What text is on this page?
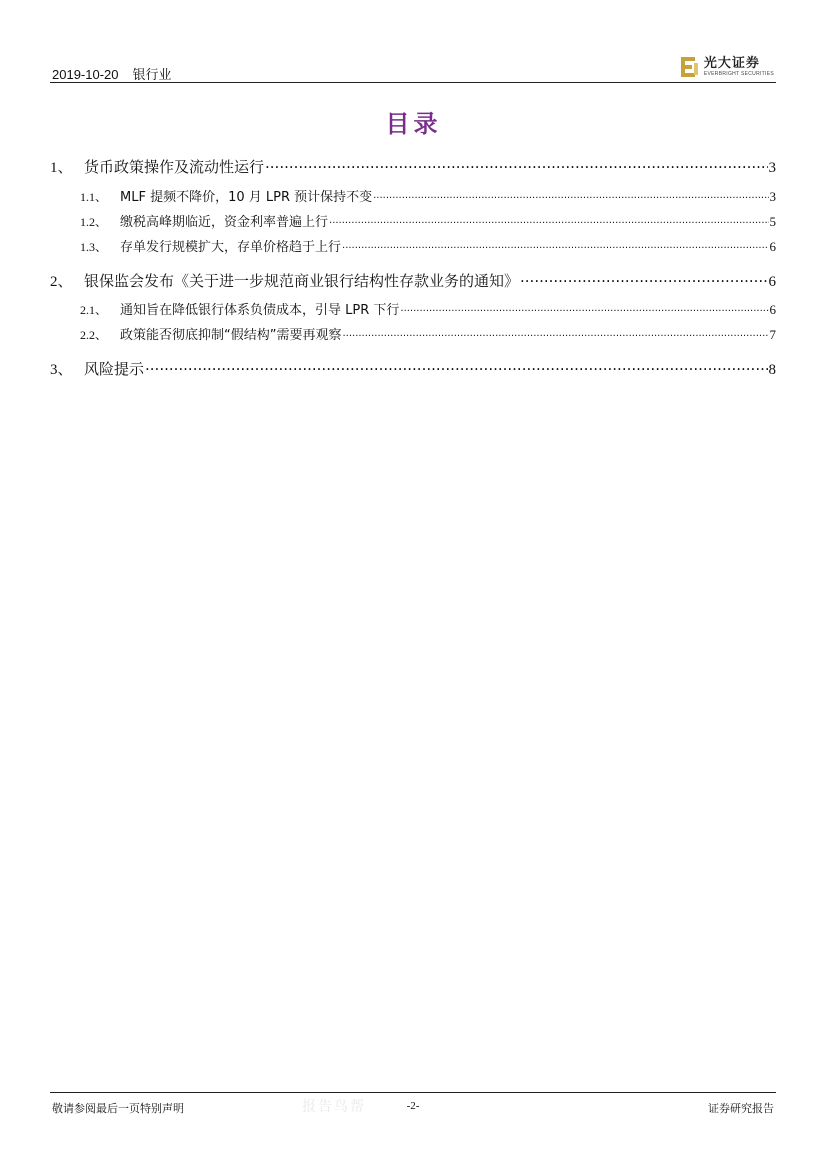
2019-10-20 银行业
光大证券
EVERBRIGHT SECURITIES
目录
1、 货币政策操作及流动性运行 .....	3
1.1、 MLF 提频不降价，10 月 LPR 预计保持不变 .....	3
1.2、 缴税高峰期临近，资金利率普遍上行 .....	5
1.3、 存单发行规模扩大，存单价格趋于上行 .....	6
2、 银保监会发布《关于进一步规范商业银行结构性存款业务的通知》 .....	6
2.1、 通知旨在降低银行体系负债成本，引导 LPR 下行 .....	6
2.2、 政策能否彻底抑制“假结构”需要再观察 .....	7
3、 风险提示 .....	8
报告鸟帮
敬请参阅最后一页特别声明	-2-	证券研究报告
